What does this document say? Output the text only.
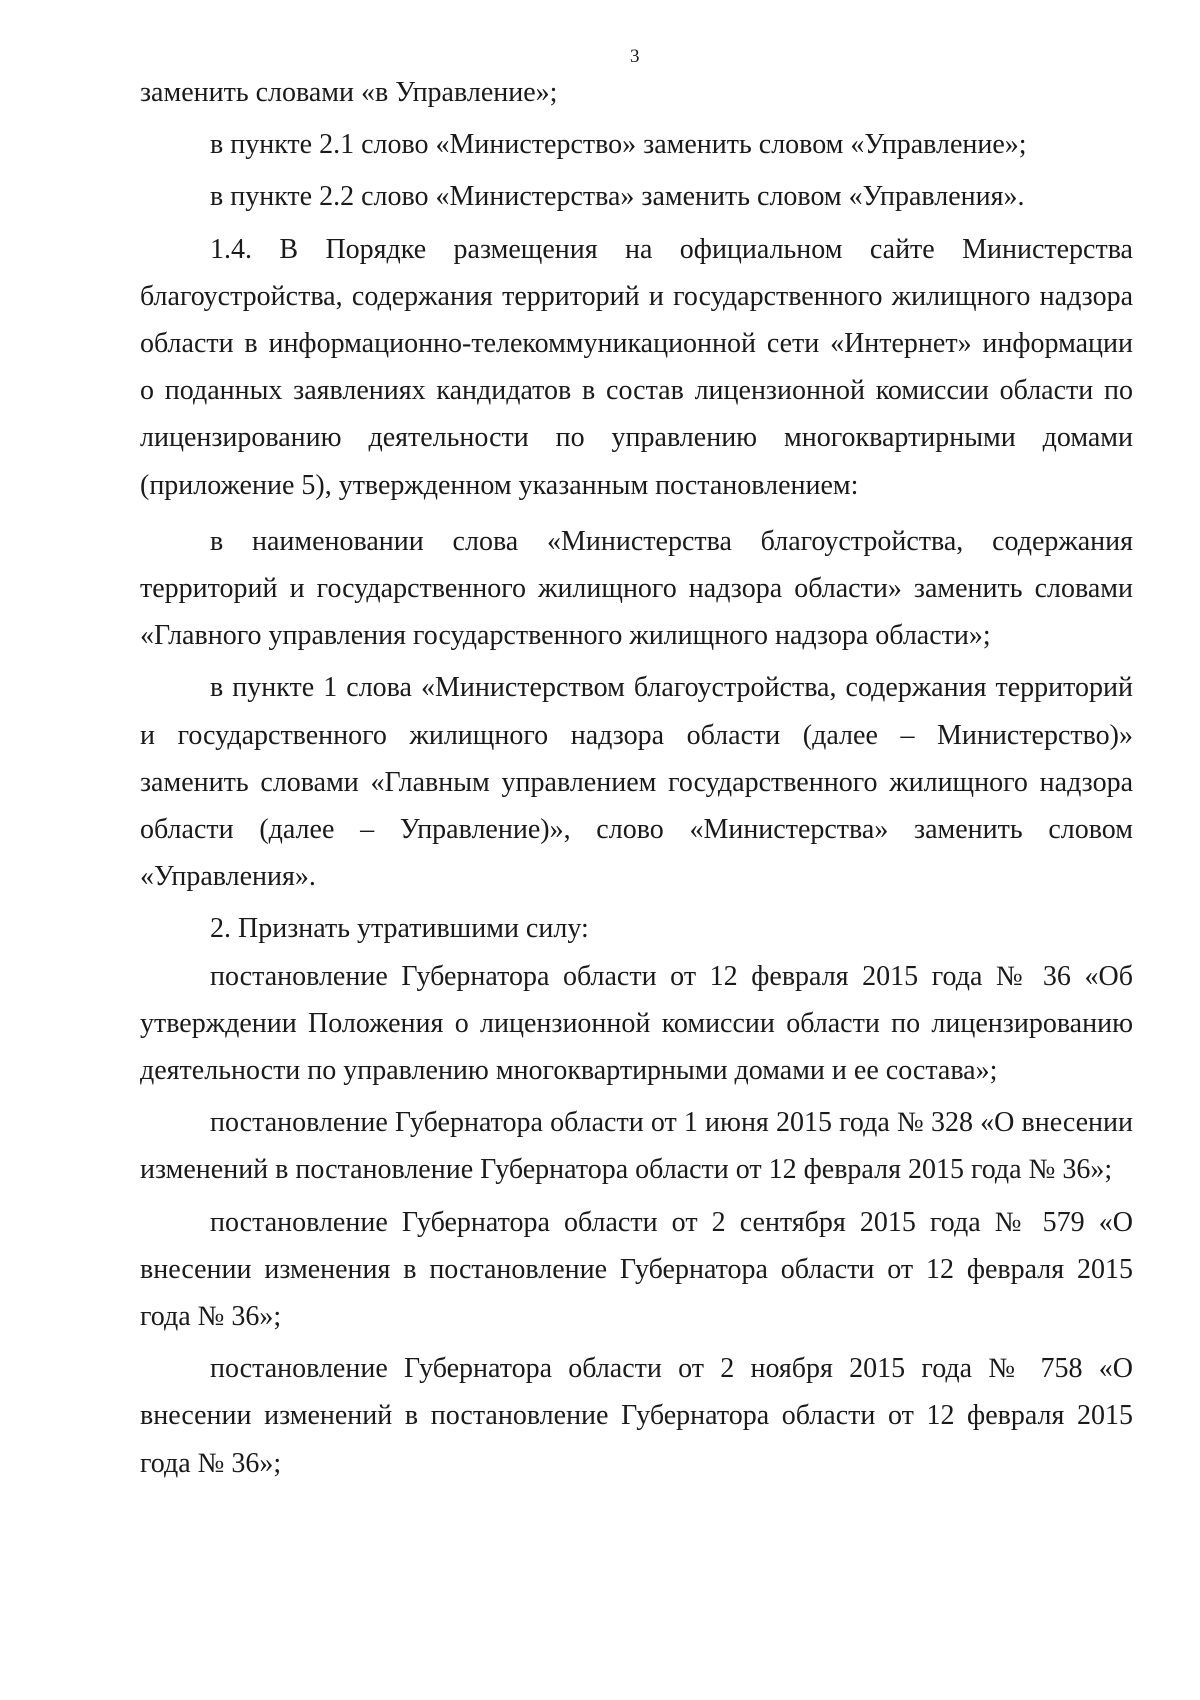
3

заменить словами «в Управление»;

в пункте 2.1 слово «Министерство» заменить словом «Управление»;

в пункте 2.2 слово «Министерства» заменить словом «Управления».

1.4. В Порядке размещения на официальном сайте Министерства благоустройства, содержания территорий и государственного жилищного надзора области в информационно-телекоммуникационной сети «Интернет» информации о поданных заявлениях кандидатов в состав лицензионной комиссии области по лицензированию деятельности по управлению многоквартирными домами (приложение 5), утвержденном указанным постановлением:

в наименовании слова «Министерства благоустройства, содержания территорий и государственного жилищного надзора области» заменить словами «Главного управления государственного жилищного надзора области»;

в пункте 1 слова «Министерством благоустройства, содержания территорий и государственного жилищного надзора области (далее – Министерство)» заменить словами «Главным управлением государственного жилищного надзора области (далее – Управление)», слово «Министерства» заменить словом «Управления».

2. Признать утратившими силу:

постановление Губернатора области от 12 февраля 2015 года № 36 «Об утверждении Положения о лицензионной комиссии области по лицензированию деятельности по управлению многоквартирными домами и ее состава»;

постановление Губернатора области от 1 июня 2015 года № 328 «О внесении изменений в постановление Губернатора области от 12 февраля 2015 года № 36»;

постановление Губернатора области от 2 сентября 2015 года № 579 «О внесении изменения в постановление Губернатора области от 12 февраля 2015 года № 36»;

постановление Губернатора области от 2 ноября 2015 года № 758 «О внесении изменений в постановление Губернатора области от 12 февраля 2015 года № 36»;
